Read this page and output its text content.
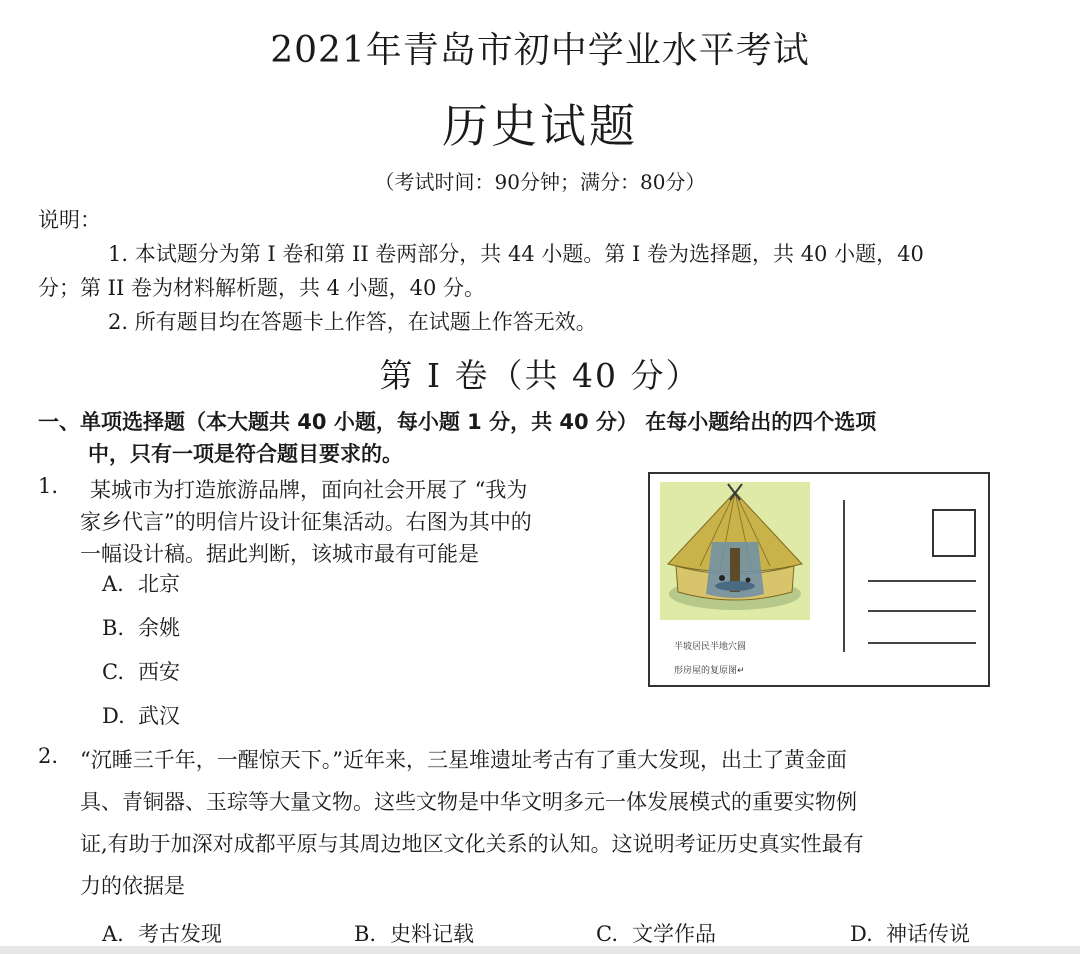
2021年青岛市初中学业水平考试
历史试题
（考试时间：90分钟；满分：80分）
说明：
1. 本试题分为第 I 卷和第 II 卷两部分，共 44 小题。第 I 卷为选择题，共 40 小题，40
分；第 II 卷为材料解析题，共 4 小题，40 分。
2. 所有题目均在答题卡上作答，在试题上作答无效。
第 I 卷（共 40 分）
一、单项选择题（本大题共 40 小题，每小题 1 分，共 40 分） 在每小题给出的四个选项
中，只有一项是符合题目要求的。
1. 某城市为打造旅游品牌，面向社会开展了 “我为
家乡代言”的明信片设计征集活动。右图为其中的
一幅设计稿。据此判断，该城市最有可能是
A. 北京
B. 余姚
C. 西安
D. 武汉
半坡居民半地穴圆
形房屋的复原图↵
2. “沉睡三千年，一醒惊天下。”近年来，三星堆遗址考古有了重大发现，出土了黄金面
具、青铜器、玉琮等大量文物。这些文物是中华文明多元一体发展模式的重要实物例
证,有助于加深对成都平原与其周边地区文化关系的认知。这说明考证历史真实性最有
力的依据是
A. 考古发现	B. 史料记载	C. 文学作品	D. 神话传说
